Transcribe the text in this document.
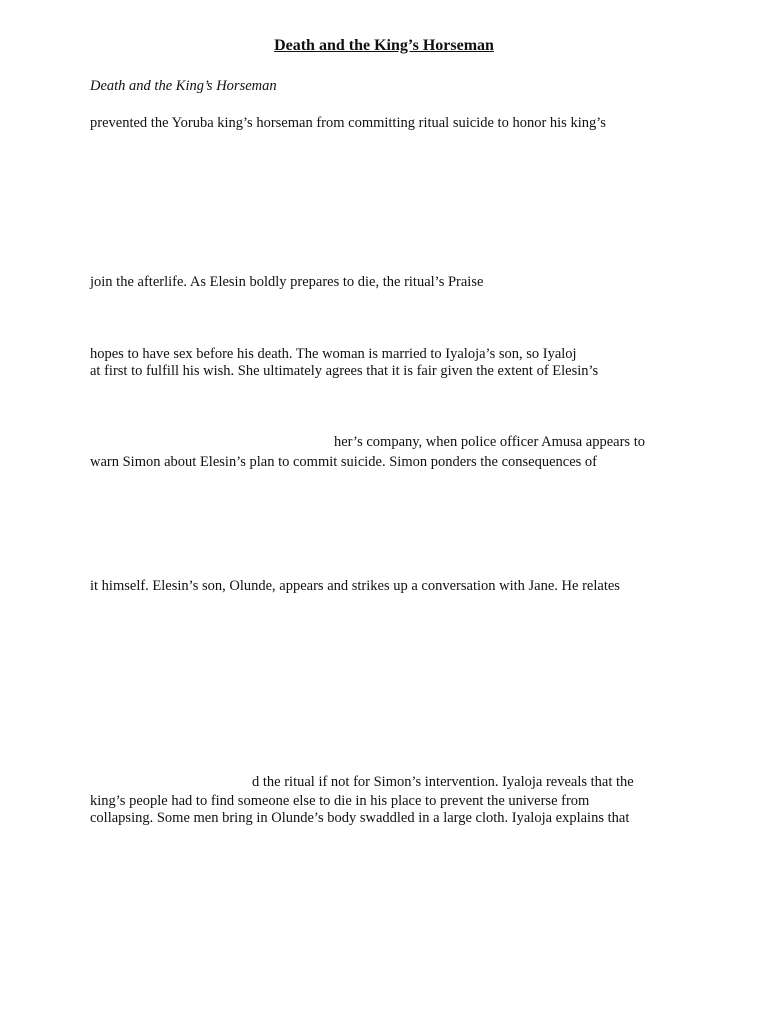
Death and the King’s Horseman
Death and the King’s Horseman
prevented the Yoruba king’s horseman from committing ritual suicide to honor his king’s
join the afterlife. As Elesin boldly prepares to die, the ritual’s Praise
hopes to have sex before his death. The woman is married to Iyaloja’s son, so Iyaloj
at first to fulfill his wish. She ultimately agrees that it is fair given the extent of Elesin’s
her’s company, when police officer Amusa appears to
warn Simon about Elesin’s plan to commit suicide. Simon ponders the consequences of
it himself. Elesin’s son, Olunde, appears and strikes up a conversation with Jane. He relates
d the ritual if not for Simon’s intervention. Iyaloja reveals that the
king’s people had to find someone else to die in his place to prevent the universe from
collapsing. Some men bring in Olunde’s body swaddled in a large cloth. Iyaloja explains that
